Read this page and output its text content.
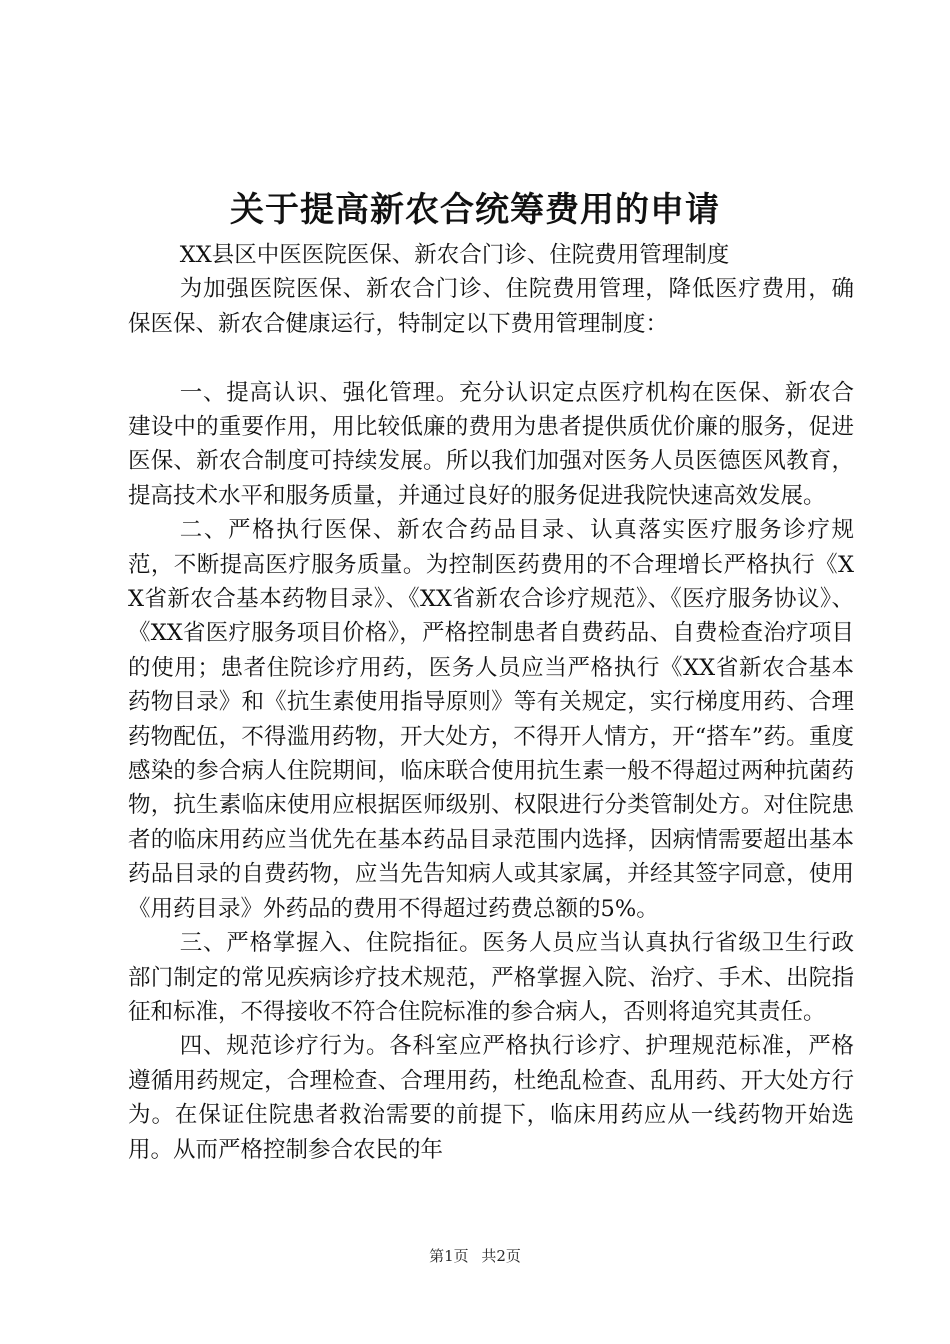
关于提高新农合统筹费用的申请

XX县区中医医院医保、新农合门诊、住院费用管理制度

为加强医院医保、新农合门诊、住院费用管理，降低医疗费用，确保医保、新农合健康运行，特制定以下费用管理制度：

一、提高认识、强化管理。充分认识定点医疗机构在医保、新农合建设中的重要作用，用比较低廉的费用为患者提供质优价廉的服务，促进医保、新农合制度可持续发展。所以我们加强对医务人员医德医风教育，提高技术水平和服务质量，并通过良好的服务促进我院快速高效发展。

二、严格执行医保、新农合药品目录、认真落实医疗服务诊疗规范，不断提高医疗服务质量。为控制医药费用的不合理增长严格执行《XX省新农合基本药物目录》、《XX省新农合诊疗规范》、《医疗服务协议》、《XX省医疗服务项目价格》，严格控制患者自费药品、自费检查治疗项目的使用；患者住院诊疗用药，医务人员应当严格执行《XX省新农合基本药物目录》和《抗生素使用指导原则》等有关规定，实行梯度用药、合理药物配伍，不得滥用药物，开大处方，不得开人情方，开“搭车”药。重度感染的参合病人住院期间，临床联合使用抗生素一般不得超过两种抗菌药物，抗生素临床使用应根据医师级别、权限进行分类管制处方。对住院患者的临床用药应当优先在基本药品目录范围内选择，因病情需要超出基本药品目录的自费药物，应当先告知病人或其家属，并经其签字同意，使用《用药目录》外药品的费用不得超过药费总额的5%。

三、严格掌握入、住院指征。医务人员应当认真执行省级卫生行政部门制定的常见疾病诊疗技术规范，严格掌握入院、治疗、手术、出院指征和标准，不得接收不符合住院标准的参合病人，否则将追究其责任。

四、规范诊疗行为。各科室应严格执行诊疗、护理规范标准，严格遵循用药规定，合理检查、合理用药，杜绝乱检查、乱用药、开大处方行为。在保证住院患者救治需要的前提下，临床用药应从一线药物开始选用。从而严格控制参合农民的年

第1页 共2页
